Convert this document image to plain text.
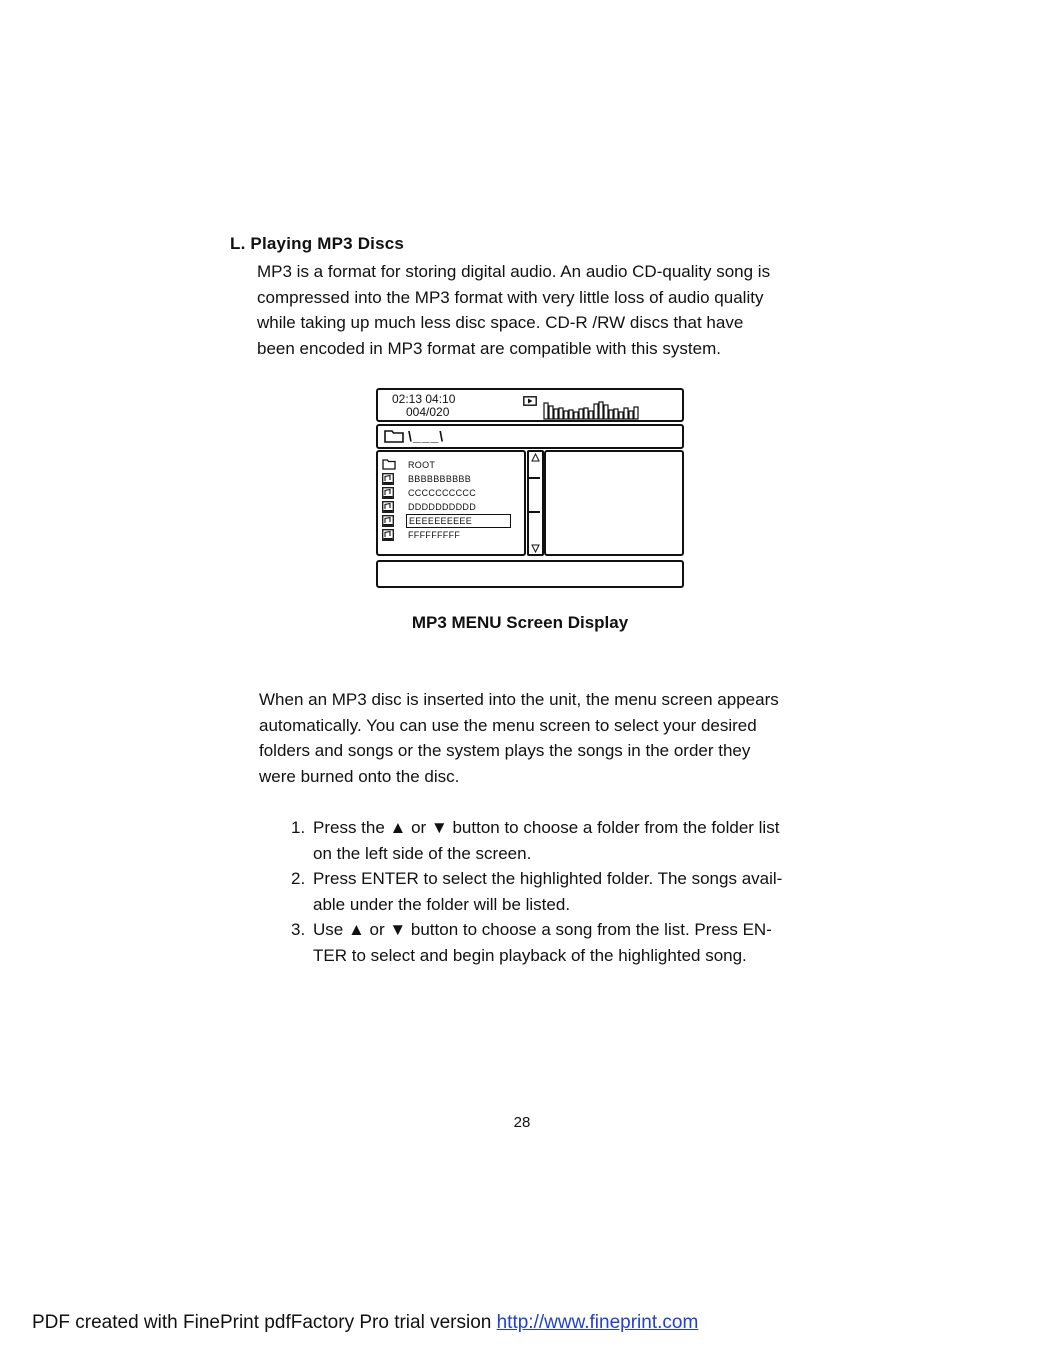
L. Playing MP3 Discs
MP3 is a format for storing digital audio. An audio CD-quality song is
compressed into the MP3 format with very little loss of audio quality
while taking up much less disc space. CD-R /RW discs that have
been encoded in MP3 format are compatible with this system.
02:13 04:10
004/020
\___\
ROOT
BBBBBBBBBB
CCCCCCCCCC
DDDDDDDDDD
EEEEEEEEEE
FFFFFFFFF
MP3 MENU Screen Display
When an MP3 disc is inserted into the unit, the menu screen appears
automatically. You can use the menu screen to select your desired
folders and songs or the system plays the songs in the order they
were burned onto the disc.
1. Press the ▲ or ▼ button to choose a folder from the folder list
on the left side of the screen.
2. Press ENTER to select the highlighted folder. The songs avail-
able under the folder will be listed.
3. Use ▲ or ▼ button to choose a song from the list. Press EN-
TER to select and begin playback of the highlighted song.
28
PDF created with FinePrint pdfFactory Pro trial version http://www.fineprint.com
